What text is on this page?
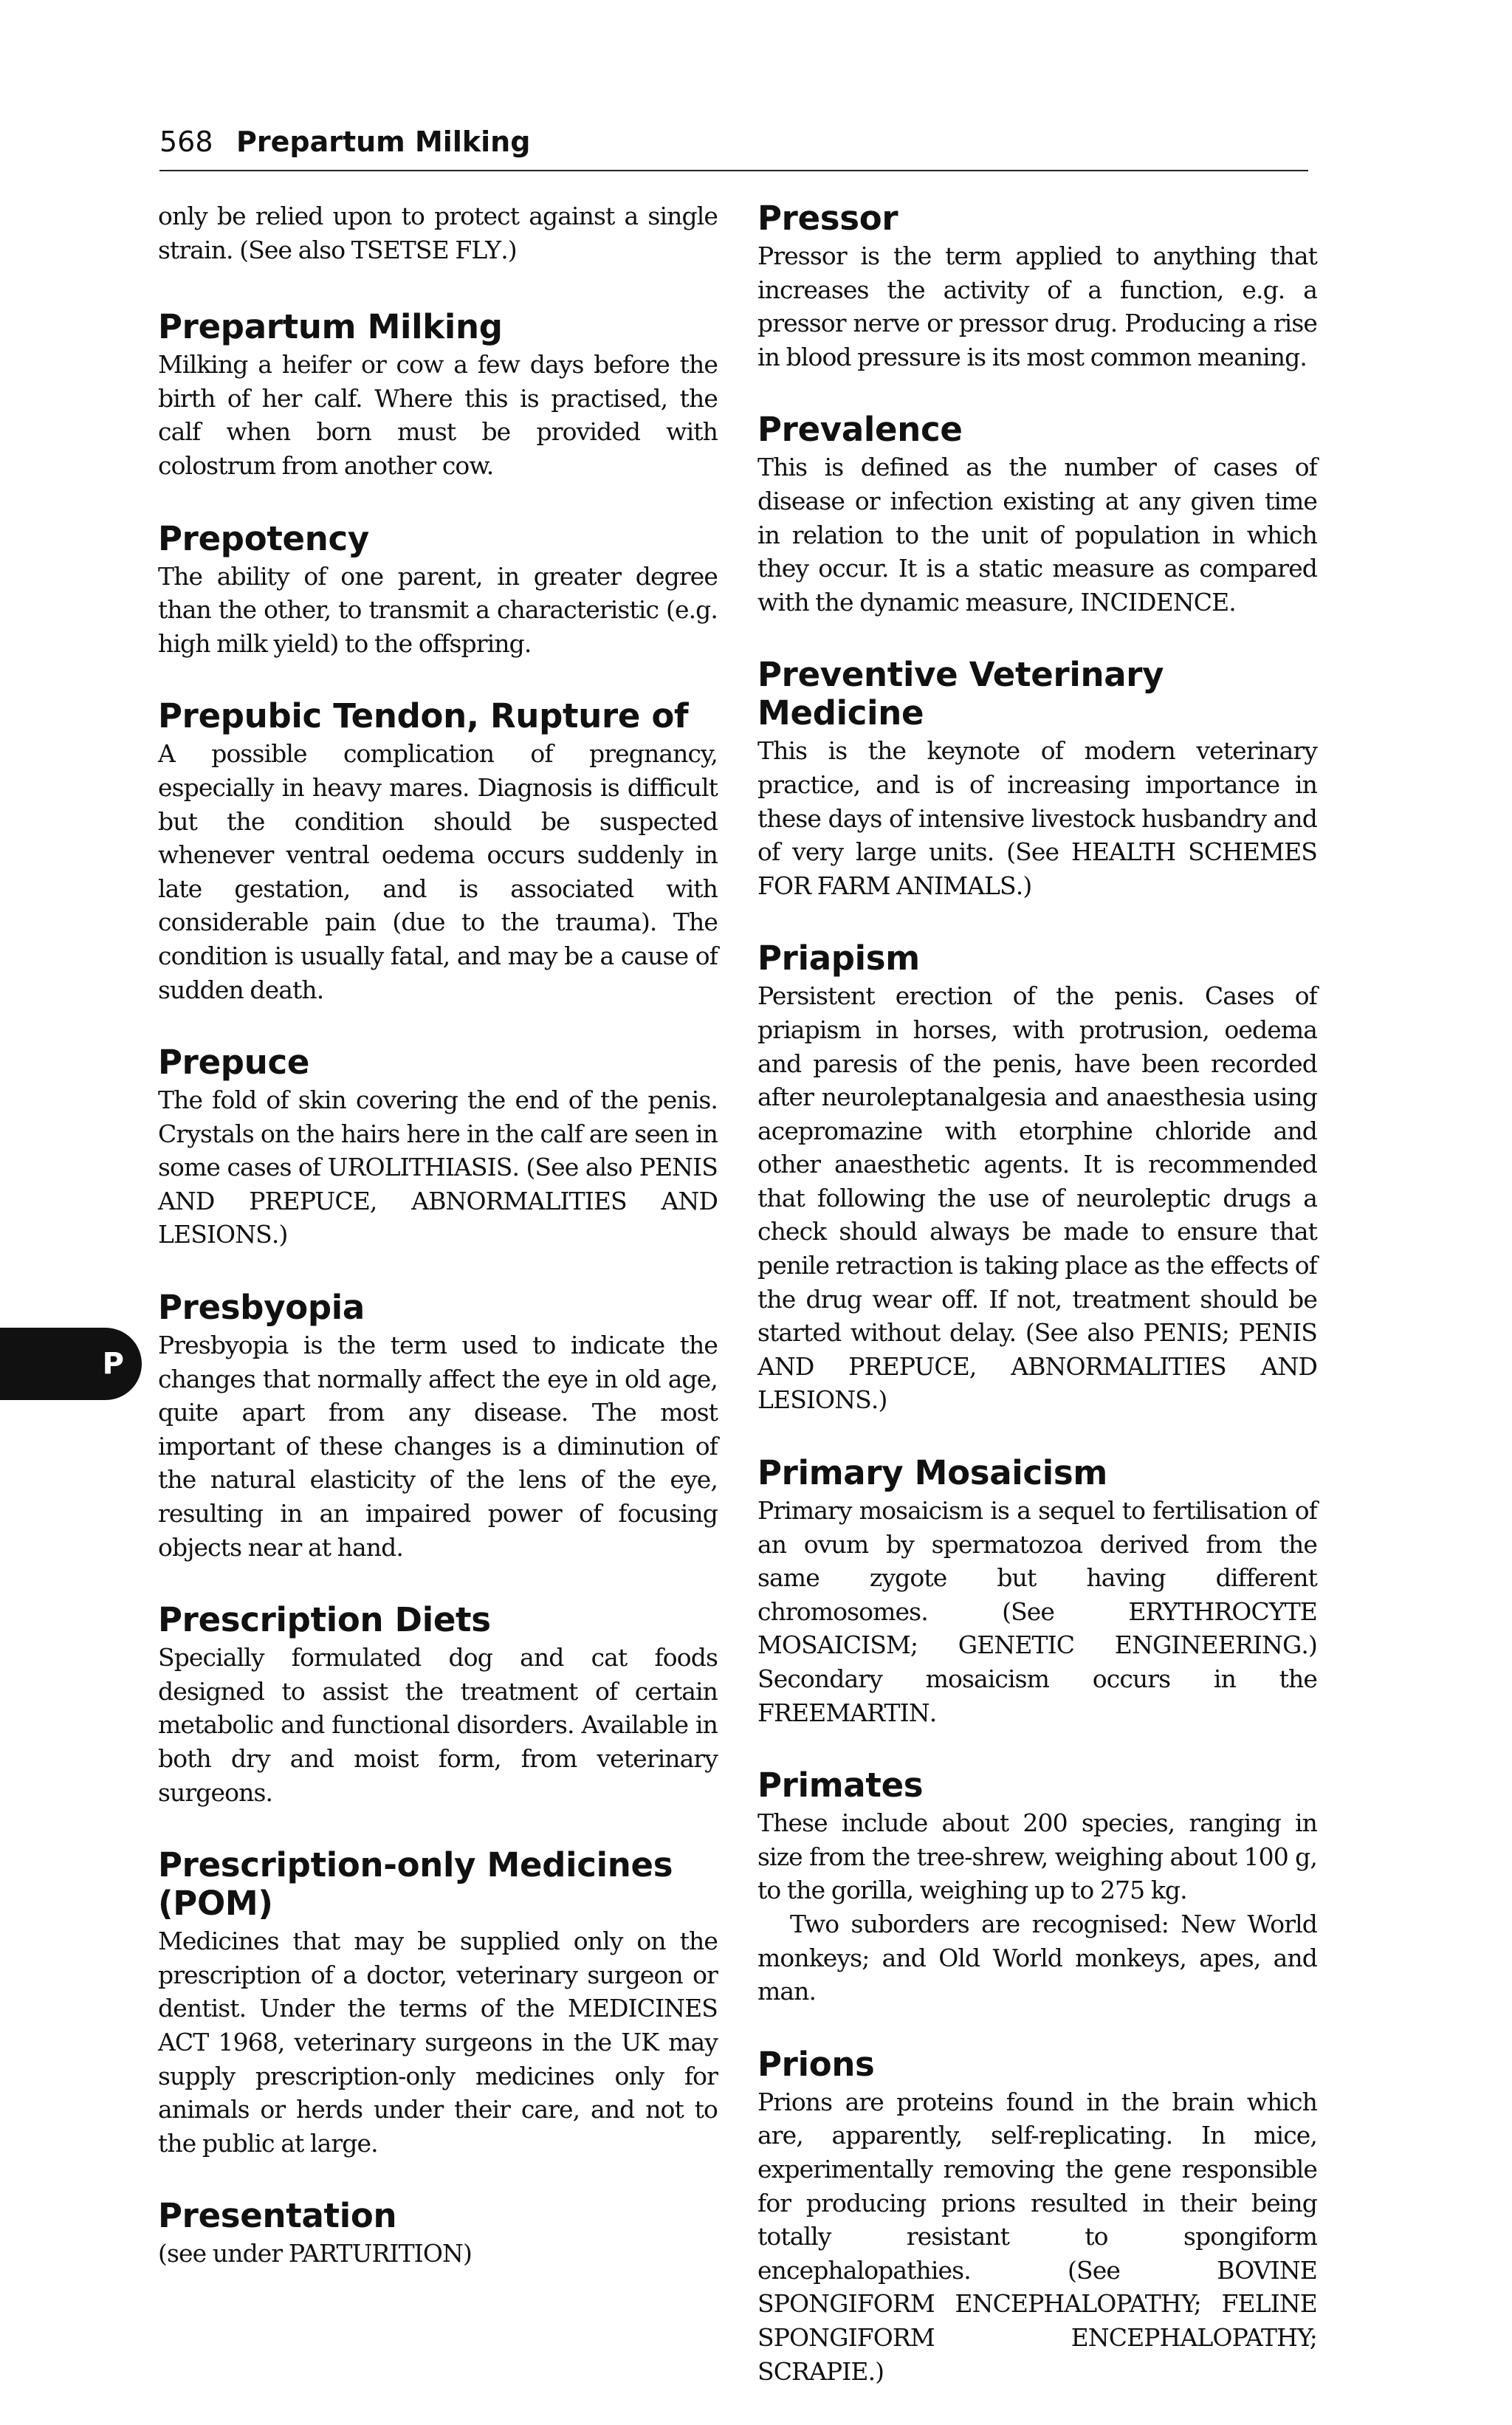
568 Prepartum Milking
P

only be relied upon to protect against a single strain. (See also TSETSE FLY.)

Prepartum Milking

Milking a heifer or cow a few days before the birth of her calf. Where this is practised, the calf when born must be provided with colostrum from another cow.

Prepotency

The ability of one parent, in greater degree than the other, to transmit a characteristic (e.g. high milk yield) to the offspring.

Prepubic Tendon, Rupture of

A possible complication of pregnancy, especially in heavy mares. Diagnosis is difficult but the condition should be suspected whenever ventral oedema occurs suddenly in late gestation, and is associated with considerable pain (due to the trauma). The condition is usually fatal, and may be a cause of sudden death.

Prepuce

The fold of skin covering the end of the penis. Crystals on the hairs here in the calf are seen in some cases of UROLITHIASIS. (See also PENIS AND PREPUCE, ABNORMALITIES AND LESIONS.)

Presbyopia

Presbyopia is the term used to indicate the changes that normally affect the eye in old age, quite apart from any disease. The most important of these changes is a diminution of the natural elasticity of the lens of the eye, resulting in an impaired power of focusing objects near at hand.

Prescription Diets

Specially formulated dog and cat foods designed to assist the treatment of certain metabolic and functional disorders. Available in both dry and moist form, from veterinary surgeons.

Prescription-only Medicines (POM)

Medicines that may be supplied only on the prescription of a doctor, veterinary surgeon or dentist. Under the terms of the MEDICINES ACT 1968, veterinary surgeons in the UK may supply prescription-only medicines only for animals or herds under their care, and not to the public at large.

Presentation

(see under PARTURITION)

Pressor

Pressor is the term applied to anything that increases the activity of a function, e.g. a pressor nerve or pressor drug. Producing a rise in blood pressure is its most common meaning.

Prevalence

This is defined as the number of cases of disease or infection existing at any given time in relation to the unit of population in which they occur. It is a static measure as compared with the dynamic measure, INCIDENCE.

Preventive Veterinary Medicine

This is the keynote of modern veterinary practice, and is of increasing importance in these days of intensive livestock husbandry and of very large units. (See HEALTH SCHEMES FOR FARM ANIMALS.)

Priapism

Persistent erection of the penis. Cases of priapism in horses, with protrusion, oedema and paresis of the penis, have been recorded after neuroleptanalgesia and anaesthesia using acepromazine with etorphine chloride and other anaesthetic agents. It is recommended that following the use of neuroleptic drugs a check should always be made to ensure that penile retraction is taking place as the effects of the drug wear off. If not, treatment should be started without delay. (See also PENIS; PENIS AND PREPUCE, ABNORMALITIES AND LESIONS.)

Primary Mosaicism

Primary mosaicism is a sequel to fertilisation of an ovum by spermatozoa derived from the same zygote but having different chromosomes. (See ERYTHROCYTE MOSAICISM; GENETIC ENGINEERING.) Secondary mosaicism occurs in the FREEMARTIN.

Primates

These include about 200 species, ranging in size from the tree-shrew, weighing about 100 g, to the gorilla, weighing up to 275 kg.

Two suborders are recognised: New World monkeys; and Old World monkeys, apes, and man.

Prions

Prions are proteins found in the brain which are, apparently, self-replicating. In mice, experimentally removing the gene responsible for producing prions resulted in their being totally resistant to spongiform encephalopathies. (See BOVINE SPONGIFORM ENCEPHALOPATHY; FELINE SPONGIFORM ENCEPHALOPATHY; SCRAPIE.)
